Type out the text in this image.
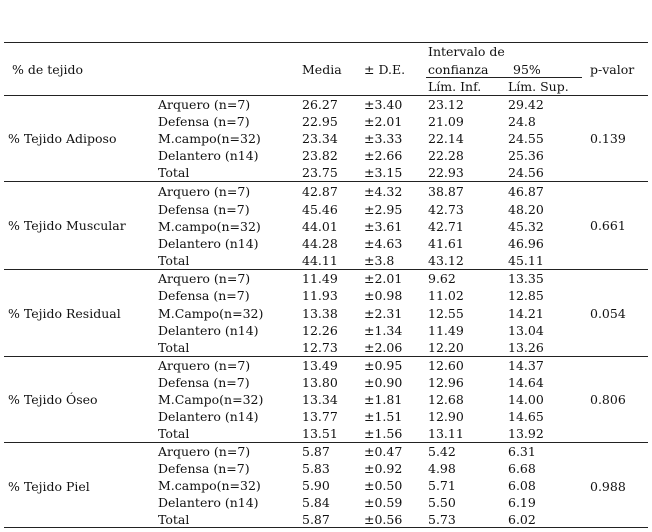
% de tejido	Media ± D.E.
Intervalo de
confianza 95%	p-valor
Lím. Inf. Lím. Sup.
% Tejido Adiposo	0.139
Arquero (n=7)	26.27 ±3.40 23.12	29.42
Defensa (n=7)	22.95 ±2.01 21.09	24.8
M.campo(n=32)	23.34 ±3.33 22.14	24.55
Delantero (n14)	23.82 ±2.66 22.28	25.36
Total	23.75 ±3.15 22.93	24.56
% Tejido Muscular	0.661
Arquero (n=7)	42.87 ±4.32 38.87	46.87
Defensa (n=7)	45.46 ±2.95 42.73	48.20
M.campo(n=32)	44.01 ±3.61 42.71	45.32
Delantero (n14)	44.28 ±4.63 41.61	46.96
Total	44.11 ±3.8	43.12	45.11
% Tejido Residual	0.054
Arquero (n=7)	11.49 ±2.01 9.62	13.35
Defensa (n=7)	11.93 ±0.98 11.02	12.85
M.Campo(n=32)	13.38 ±2.31 12.55	14.21
Delantero (n14)	12.26 ±1.34 11.49	13.04
Total	12.73 ±2.06 12.20	13.26
% Tejido Óseo	0.806
Arquero (n=7)	13.49 ±0.95 12.60	14.37
Defensa (n=7)	13.80 ±0.90 12.96	14.64
M.Campo(n=32)	13.34 ±1.81 12.68	14.00
Delantero (n14)	13.77 ±1.51 12.90	14.65
Total	13.51 ±1.56 13.11	13.92
% Tejido Piel	0.988
Arquero (n=7)	5.87	±0.47 5.42	6.31
Defensa (n=7)	5.83	±0.92 4.98	6.68
M.campo(n=32)	5.90	±0.50 5.71	6.08
Delantero (n14)	5.84	±0.59 5.50	6.19
Total	5.87	±0.56 5.73	6.02
